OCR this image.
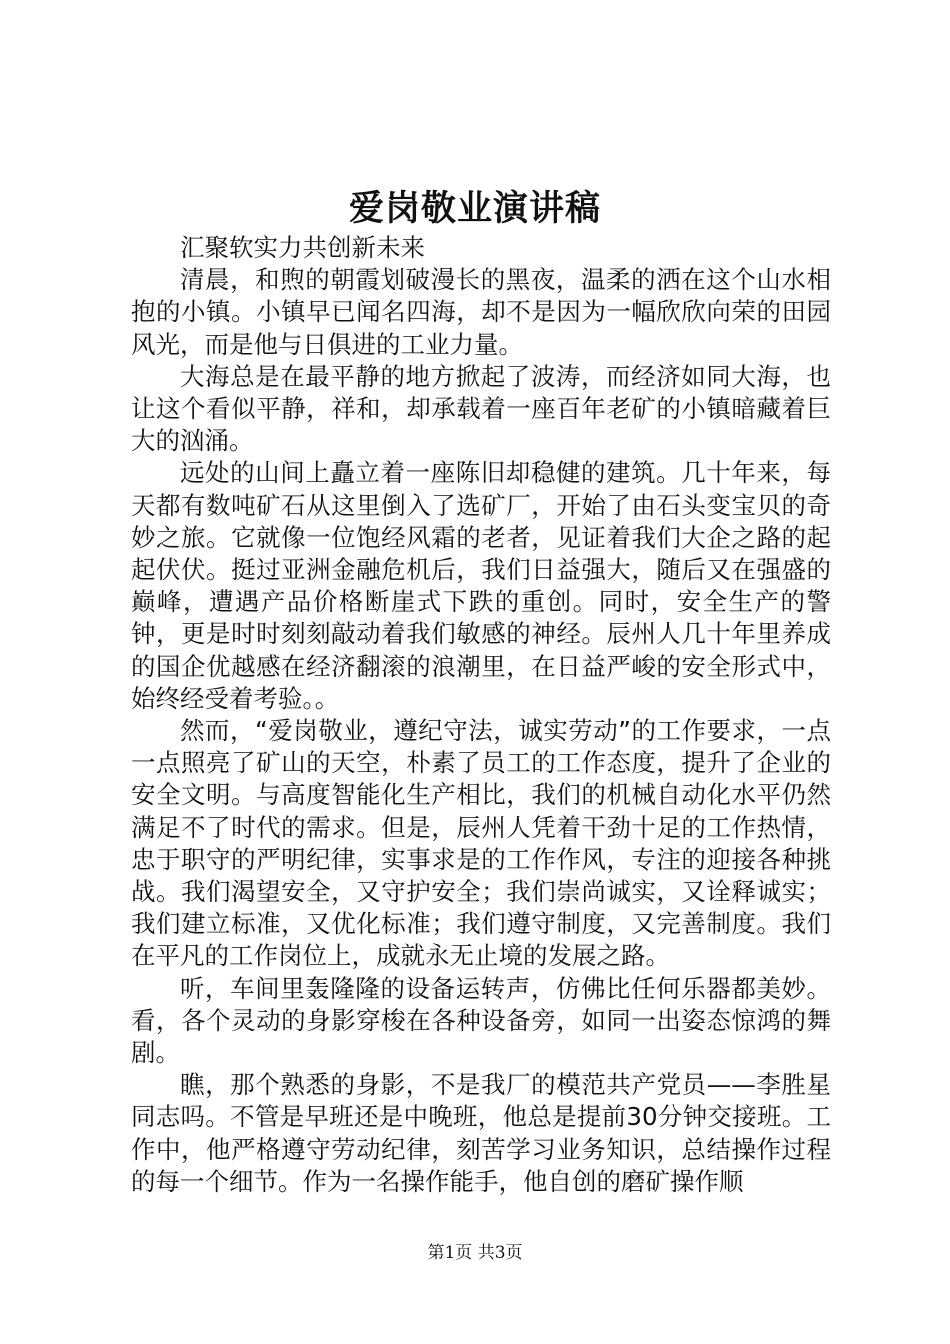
爱岗敬业演讲稿

汇聚软实力共创新未来

清晨，和煦的朝霞划破漫长的黑夜，温柔的洒在这个山水相抱的小镇。小镇早已闻名四海，却不是因为一幅欣欣向荣的田园风光，而是他与日俱进的工业力量。

大海总是在最平静的地方掀起了波涛，而经济如同大海，也让这个看似平静，祥和，却承载着一座百年老矿的小镇暗藏着巨大的汹涌。

远处的山间上矗立着一座陈旧却稳健的建筑。几十年来，每天都有数吨矿石从这里倒入了选矿厂，开始了由石头变宝贝的奇妙之旅。它就像一位饱经风霜的老者，见证着我们大企之路的起起伏伏。挺过亚洲金融危机后，我们日益强大，随后又在强盛的巅峰，遭遇产品价格断崖式下跌的重创。同时，安全生产的警钟，更是时时刻刻敲动着我们敏感的神经。辰州人几十年里养成的国企优越感在经济翻滚的浪潮里，在日益严峻的安全形式中，始终经受着考验。。

然而，“爱岗敬业，遵纪守法，诚实劳动”的工作要求，一点一点照亮了矿山的天空，朴素了员工的工作态度，提升了企业的安全文明。与高度智能化生产相比，我们的机械自动化水平仍然满足不了时代的需求。但是，辰州人凭着干劲十足的工作热情，忠于职守的严明纪律，实事求是的工作作风，专注的迎接各种挑战。我们渴望安全，又守护安全；我们崇尚诚实，又诠释诚实；我们建立标准，又优化标准；我们遵守制度，又完善制度。我们在平凡的工作岗位上，成就永无止境的发展之路。

听，车间里轰隆隆的设备运转声，仿佛比任何乐器都美妙。看，各个灵动的身影穿梭在各种设备旁，如同一出姿态惊鸿的舞剧。

瞧，那个熟悉的身影，不是我厂的模范共产党员——李胜星同志吗。不管是早班还是中晚班，他总是提前30分钟交接班。工作中，他严格遵守劳动纪律，刻苦学习业务知识，总结操作过程的每一个细节。作为一名操作能手，他自创的磨矿操作顺

第1页 共3页
